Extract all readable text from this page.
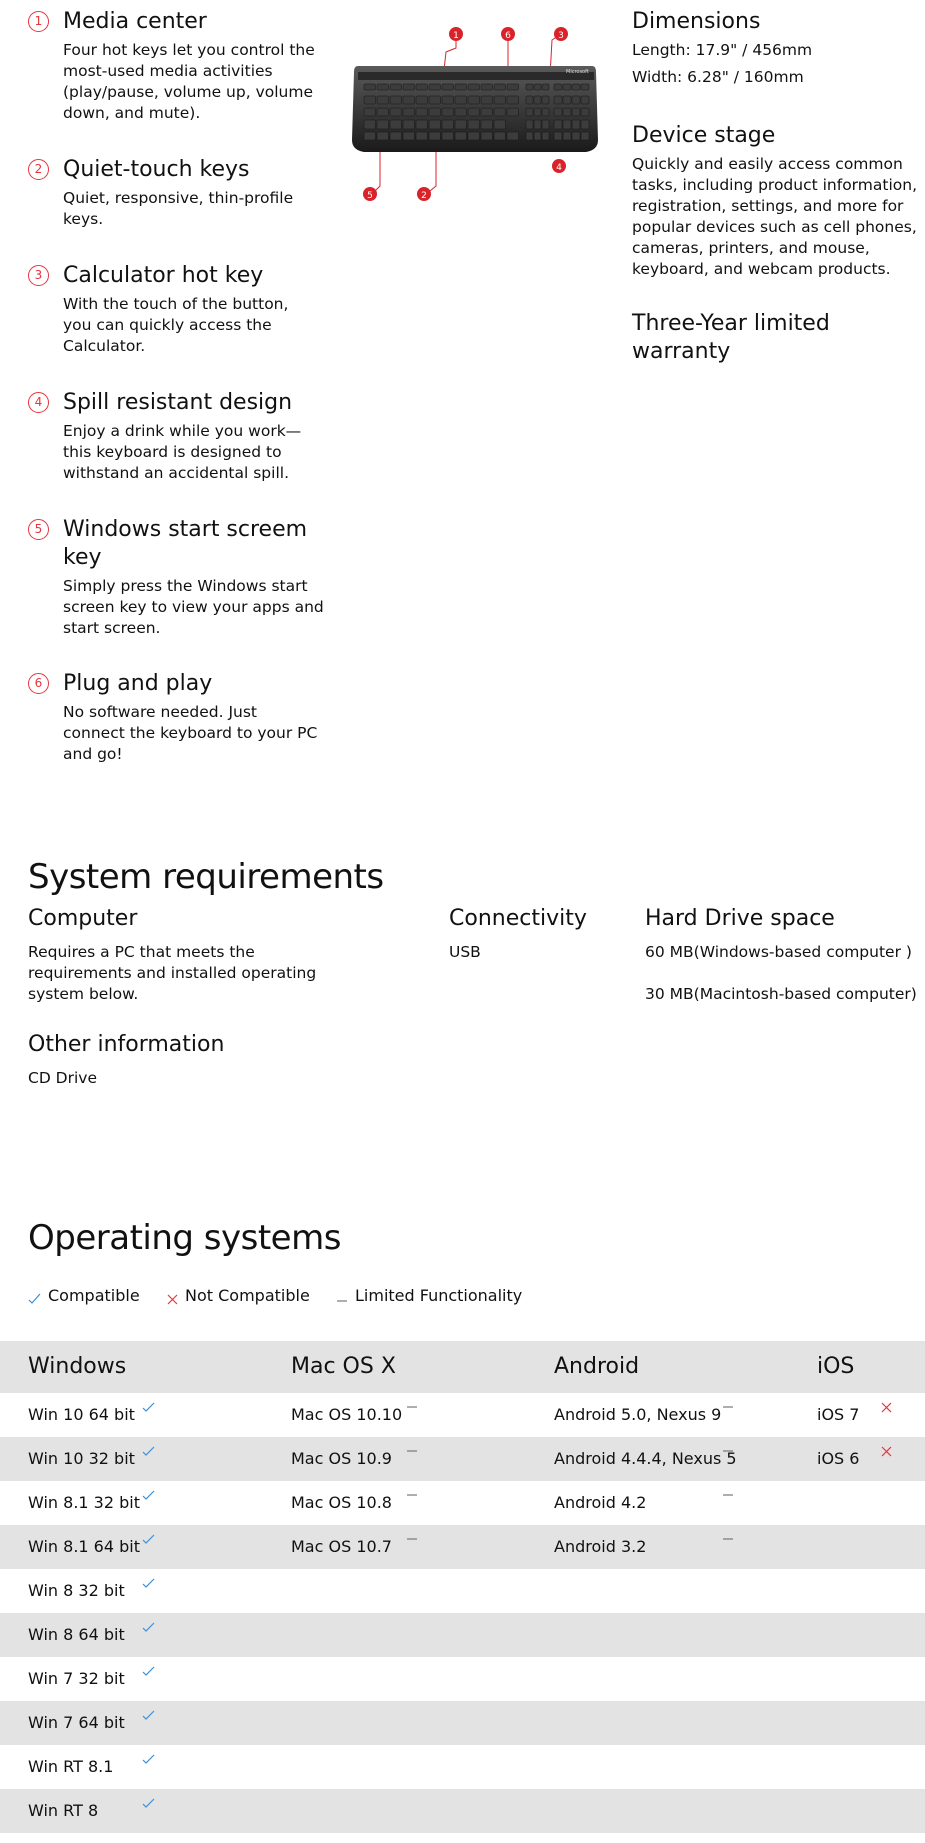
1 Media center

Four hot keys let you control the
most-used media activities
(play/pause, volume up, volume
down, and mute).

2 Quiet-touch keys

Quiet, responsive, thin-profile
keys.

3 Calculator hot key

With the touch of the button,
you can quickly access the
Calculator.

4 Spill resistant design

Enjoy a drink while you work—
this keyboard is designed to
withstand an accidental spill.

5 Windows start screem
key

Simply press the Windows start
screen key to view your apps and
start screen.

6 Plug and play

No software needed. Just
connect the keyboard to your PC
and go!

1	6	3
4
5	2
Microsoft
Dimensions

Length: 17.9" / 456mm

Width: 6.28" / 160mm

Device stage

Quickly and easily access common
tasks, including product information,
registration, settings, and more for
popular devices such as cell phones,
cameras, printers, and mouse,
keyboard, and webcam products.

Three-Year limited warranty
System requirements
Computer

Requires a PC that meets the
requirements and installed operating
system below.

Connectivity

USB

Hard Drive space

60 MB(Windows-based computer )

30 MB(Macintosh-based computer)

Other information

CD Drive

Operating systems
Compatible	Not Compatible	Limited Functionality
Windows	Mac OS X	Android	iOS
Win 10 64 bit	Mac OS 10.10	Android 5.0, Nexus 9	iOS 7
Win 10 32 bit	Mac OS 10.9	Android 4.4.4, Nexus 5	iOS 6
Win 8.1 32 bit	Mac OS 10.8	Android 4.2
Win 8.1 64 bit	Mac OS 10.7	Android 3.2
Win 8 32 bit
Win 8 64 bit
Win 7 32 bit
Win 7 64 bit
Win RT 8.1
Win RT 8
